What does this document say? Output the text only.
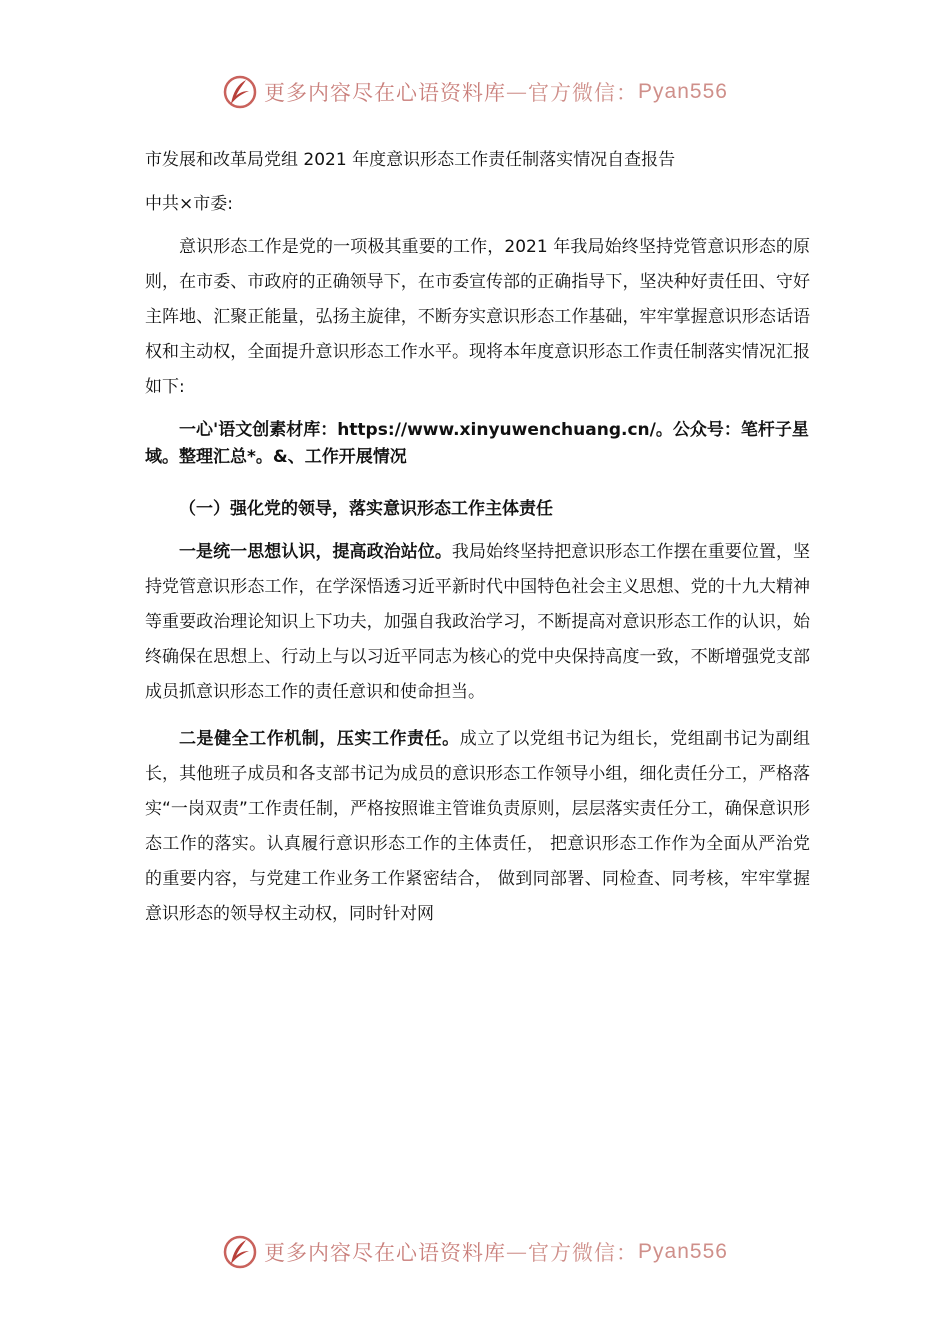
更多内容尽在心语资料库 — 官方微信： Pyan556

市发展和改革局党组 2021 年度意识形态工作责任制落实情况自查报告

中共×市委:

意识形态工作是党的一项极其重要的工作，2021 年我局始终坚持党管意识形态的原则，在市委、市政府的正确领导下，在市委宣传部的正确指导下，坚决种好责任田、守好主阵地、汇聚正能量，弘扬主旋律，不断夯实意识形态工作基础，牢牢掌握意识形态话语权和主动权，全面提升意识形态工作水平。现将本年度意识形态工作责任制落实情况汇报如下:

一心'语文创素材库：https://www.xinyuwenchuang.cn/。公众号：笔杆子星域。整理汇总*。&、工作开展情况

（一）强化党的领导，落实意识形态工作主体责任

一是统一思想认识，提高政治站位。我局始终坚持把意识形态工作摆在重要位置，坚持党管意识形态工作，在学深悟透习近平新时代中国特色社会主义思想、党的十九大精神等重要政治理论知识上下功夫，加强自我政治学习，不断提高对意识形态工作的认识，始终确保在思想上、行动上与以习近平同志为核心的党中央保持高度一致，不断增强党支部成员抓意识形态工作的责任意识和使命担当。

二是健全工作机制，压实工作责任。成立了以党组书记为组长，党组副书记为副组长，其他班子成员和各支部书记为成员的意识形态工作领导小组，细化责任分工，严格落实“一岗双责”工作责任制，严格按照谁主管谁负责原则，层层落实责任分工，确保意识形态工作的落实。认真履行意识形态工作的主体责任， 把意识形态工作作为全面从严治党的重要内容，与党建工作业务工作紧密结合， 做到同部署、同检查、同考核，牢牢掌握意识形态的领导权主动权，同时针对网

更多内容尽在心语资料库 — 官方微信： Pyan556
